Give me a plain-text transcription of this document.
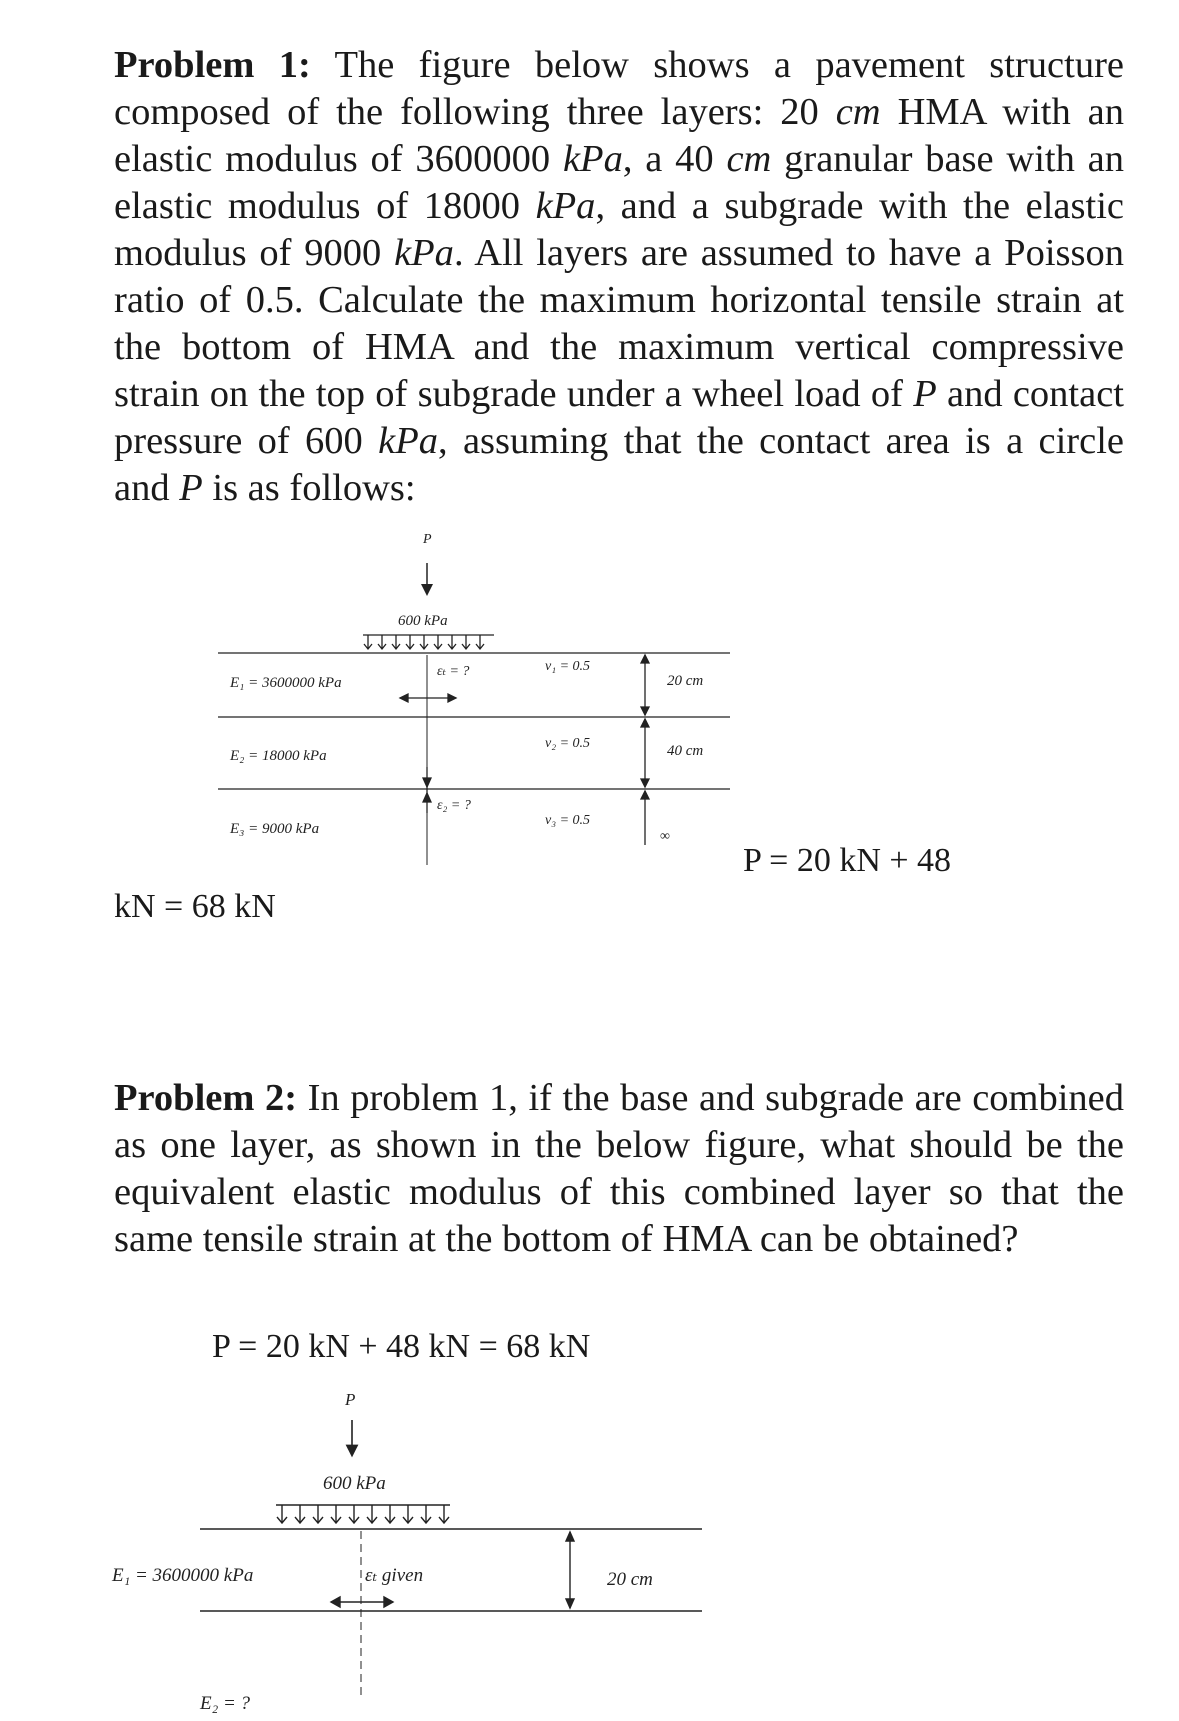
Problem 1: The figure below shows a pavement structure composed of the following three layers: 20 cm HMA with an elastic modulus of 3600000 kPa, a 40 cm granular base with an elastic modulus of 18000 kPa, and a subgrade with the elastic modulus of 9000 kPa. All layers are assumed to have a Poisson ratio of 0.5. Calculate the maximum horizontal tensile strain at the bottom of HMA and the maximum vertical compressive strain on the top of subgrade under a wheel load of P and contact pressure of 600 kPa, assuming that the contact area is a circle and P is as follows:
P
600 kPa
E₁ = 3600000 kPa
E₂ = 18000 kPa
E₃ = 9000 kPa
εₜ = ?
ε₂ = ?
ν₁ = 0.5
ν₂ = 0.5
ν₃ = 0.5
20 cm
40 cm
∞
P = 20 kN + 48
kN = 68 kN
Problem 2: In problem 1, if the base and subgrade are combined as one layer, as shown in the below figure, what should be the equivalent elastic modulus of this combined layer so that the same tensile strain at the bottom of HMA can be obtained?
P = 20 kN + 48 kN = 68 kN
P
600 kPa
E₁ = 3600000 kPa	εₜ given	20 cm
E₂ = ?
